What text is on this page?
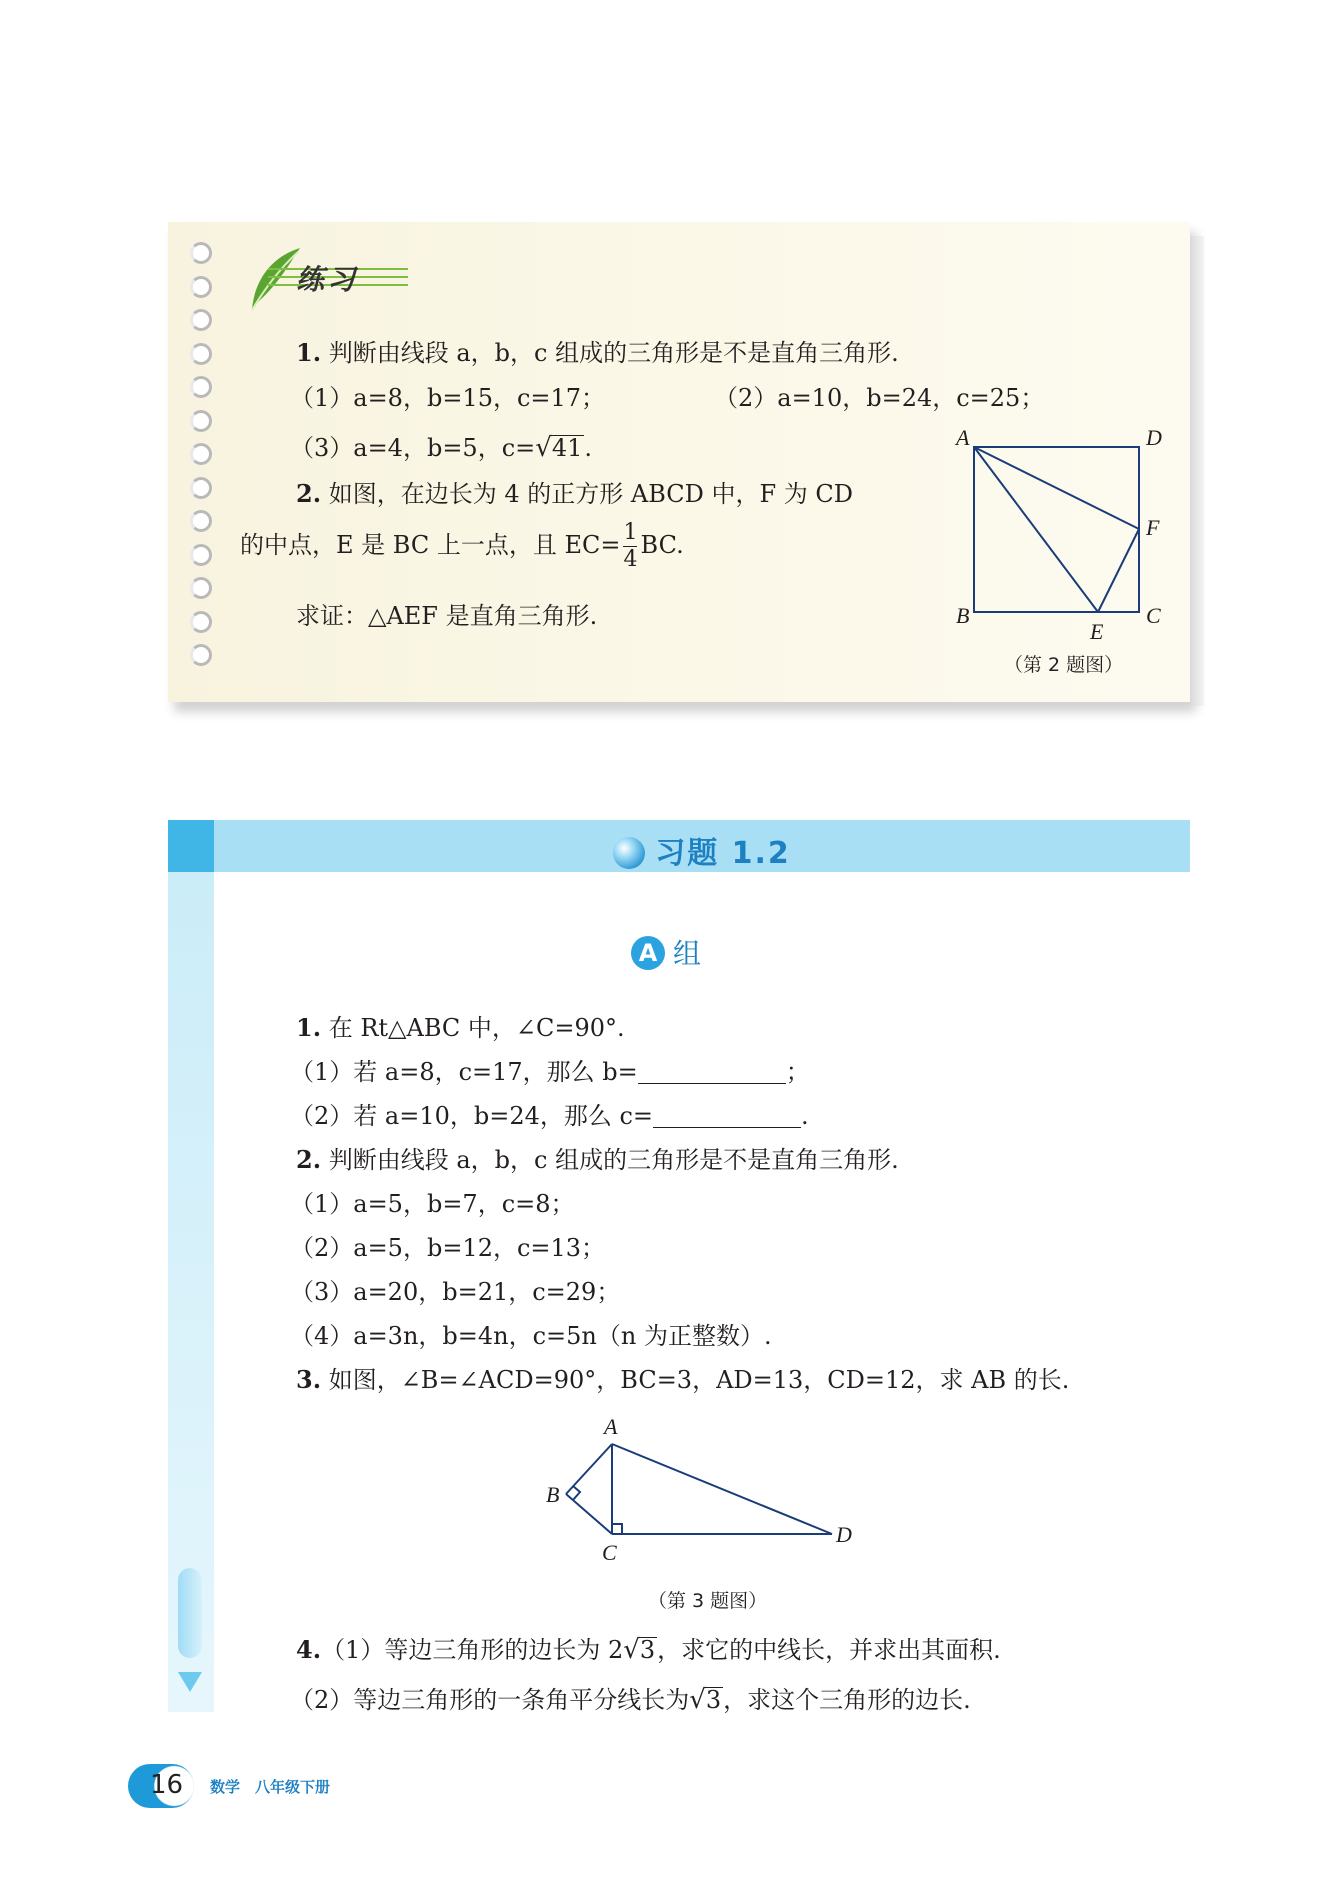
练习
A	D
F
B	C
E
（第 2 题图）
1. 判断由线段 a，b，c 组成的三角形是不是直角三角形.
（1）a=8，b=15，c=17；	（2）a=10，b=24，c=25；
（3）a=4，b=5，c=√41.
2. 如图，在边长为 4 的正方形 ABCD 中，F 为 CD
的中点，E 是 BC 上一点，且 $EC= \frac{1}{4}$ BC.
求证：△AEF 是直角三角形.
习题 1.2
A 组
1. 在 Rt△ABC 中，∠C=90°.
（1）若 a=8，c=17，那么 b=	；
（2）若 a=10，b=24，那么 c=	.
2. 判断由线段 a，b，c 组成的三角形是不是直角三角形.
（1）a=5，b=7，c=8；
（2）a=5，b=12，c=13；
（3）a=20，b=21，c=29；
（4）a=3n，b=4n，c=5n（n 为正整数）.
3. 如图，∠B=∠ACD=90°，BC=3，AD=13，CD=12，求 AB 的长.
A
B
C
D
（第 3 题图）
4.（1）等边三角形的边长为 2√3，求它的中线长，并求出其面积.
（2）等边三角形的一条角平分线长为√3，求这个三角形的边长.
16 数学　八年级下册
